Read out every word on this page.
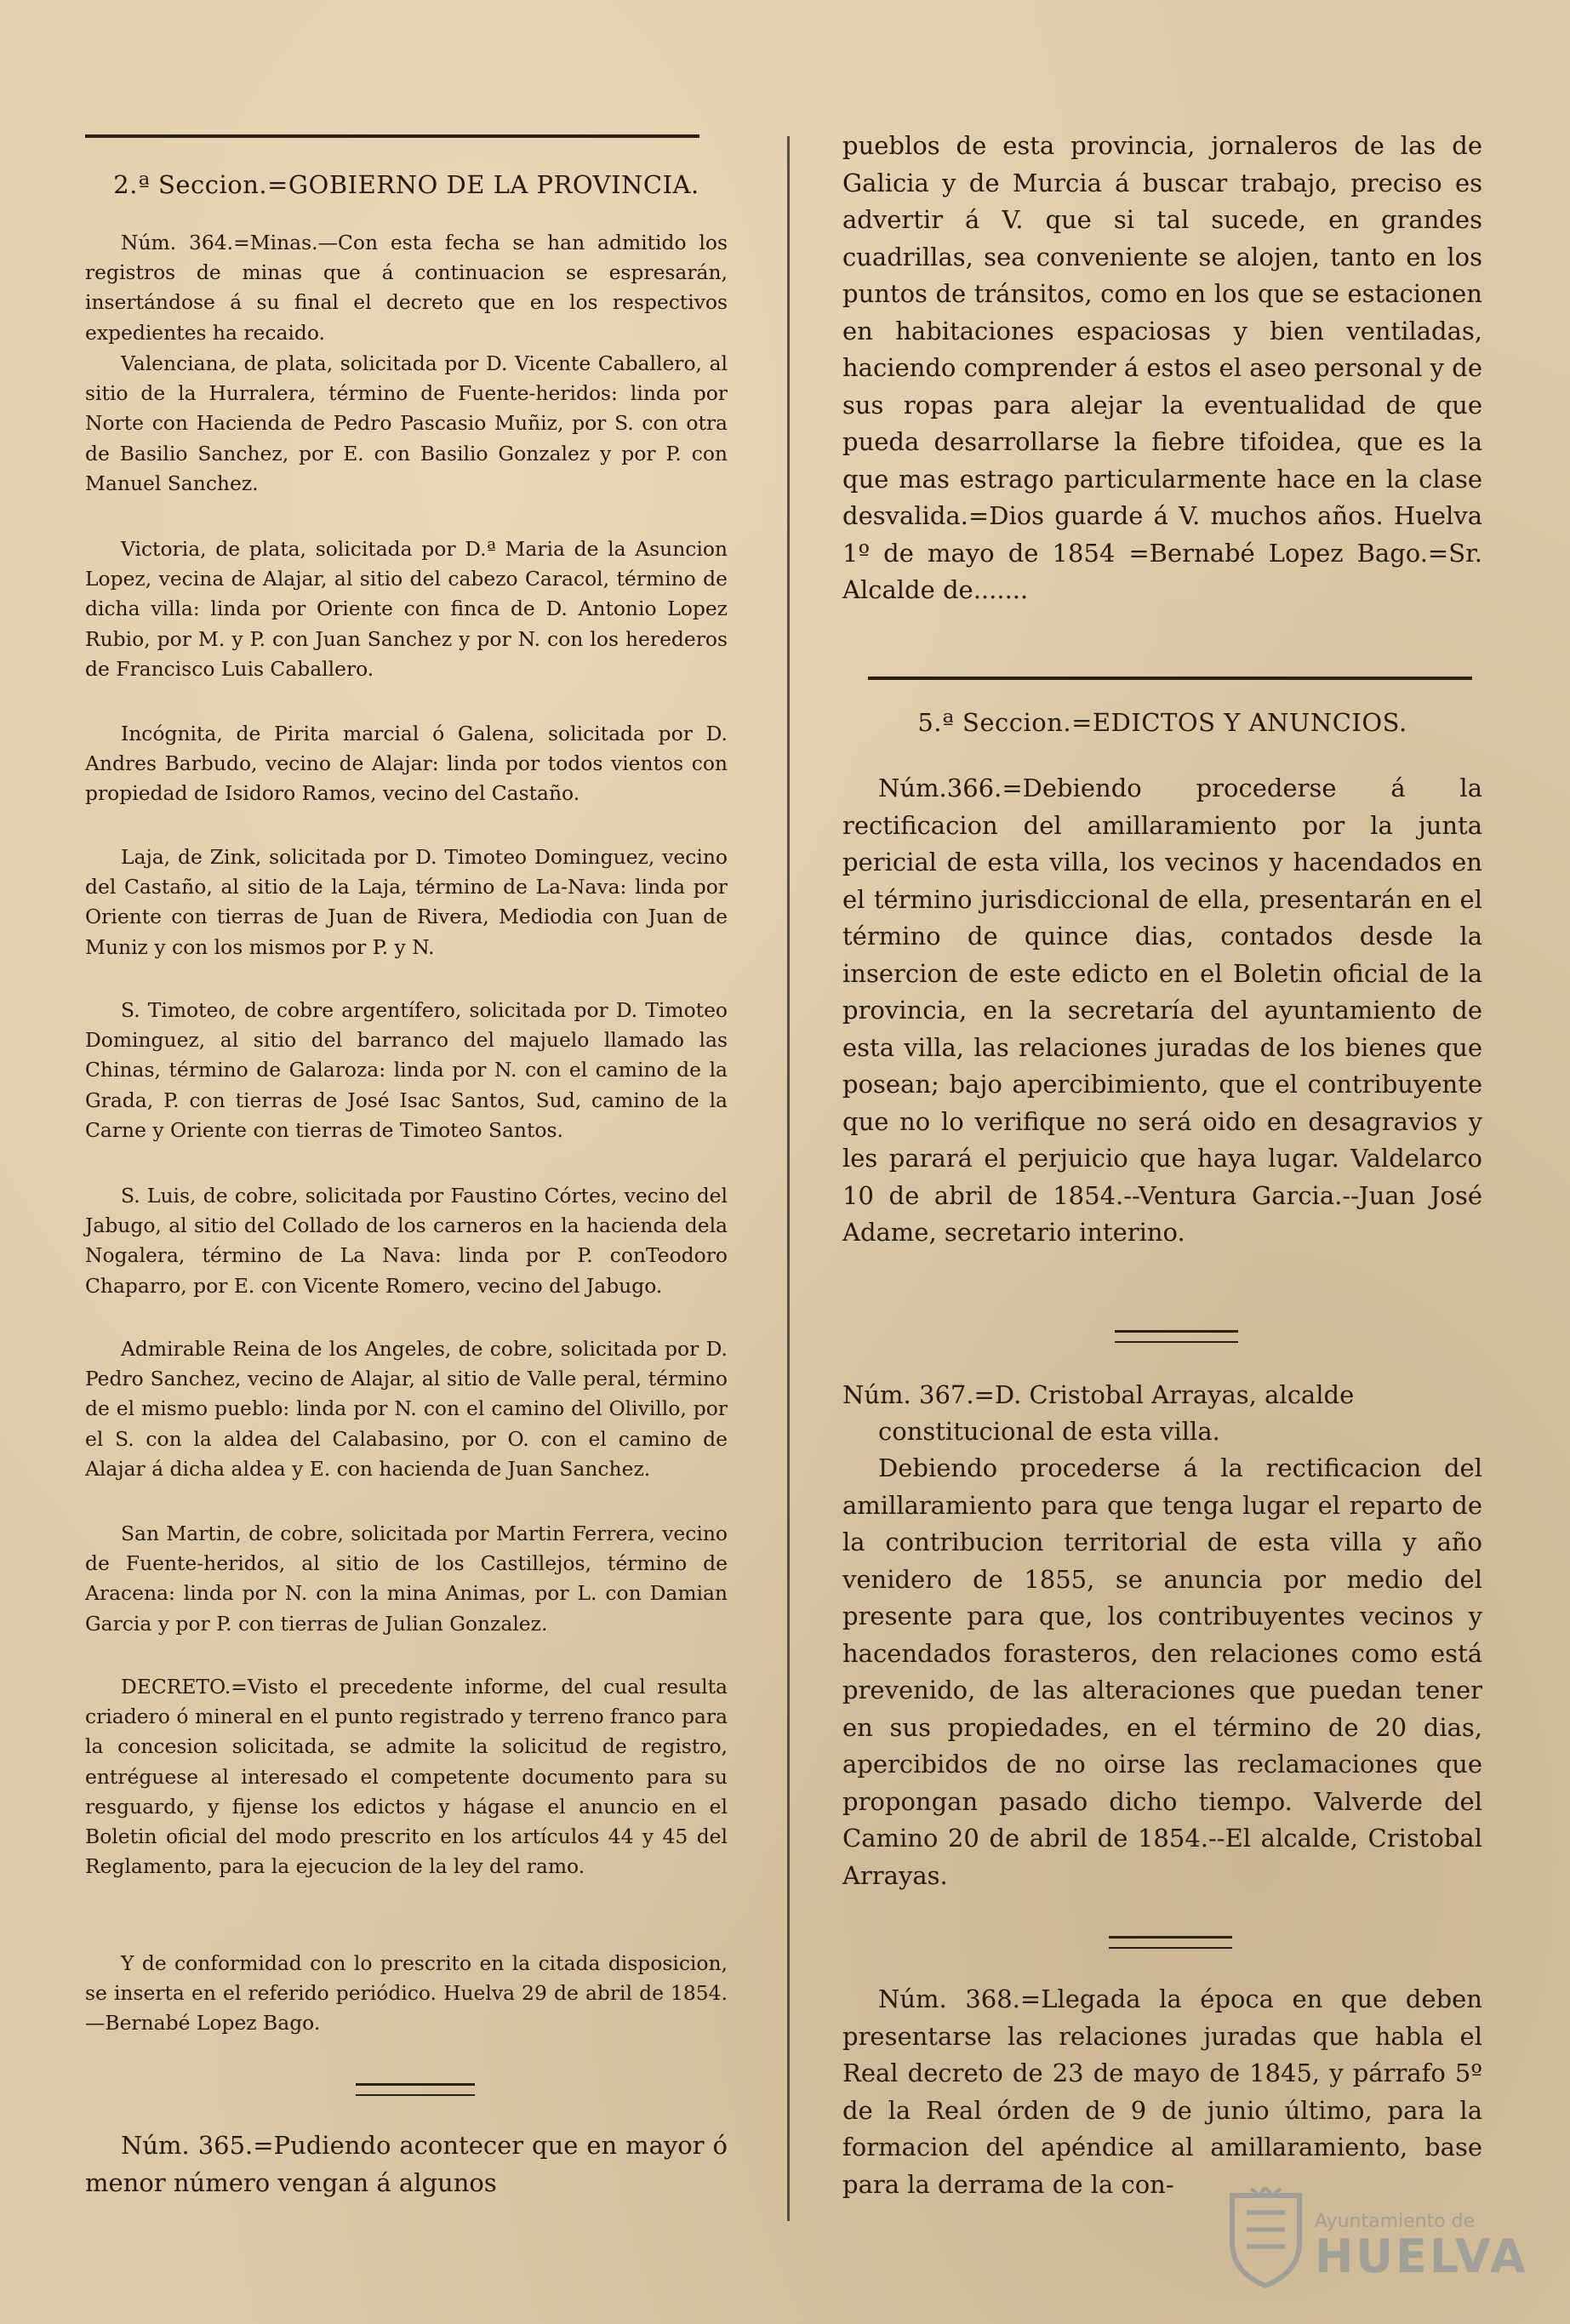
2.ª Seccion.=GOBIERNO DE LA PROVINCIA.

Núm. 364.=Minas.—Con esta fecha se han admitido los registros de minas que á continuacion se espresarán, insertándose á su final el decreto que en los respectivos expedientes ha recaido.

Valenciana, de plata, solicitada por D. Vicente Caballero, al sitio de la Hurralera, término de Fuente-heridos: linda por Norte con Hacienda de Pedro Pascasio Muñiz, por S. con otra de Basilio Sanchez, por E. con Basilio Gonzalez y por P. con Manuel Sanchez.

Victoria, de plata, solicitada por D.ª Maria de la Asuncion Lopez, vecina de Alajar, al sitio del cabezo Caracol, término de dicha villa: linda por Oriente con finca de D. Antonio Lopez Rubio, por M. y P. con Juan Sanchez y por N. con los herederos de Francisco Luis Caballero.

Incógnita, de Pirita marcial ó Galena, solicitada por D. Andres Barbudo, vecino de Alajar: linda por todos vientos con propiedad de Isidoro Ramos, vecino del Castaño.

Laja, de Zink, solicitada por D. Timoteo Dominguez, vecino del Castaño, al sitio de la Laja, término de La-Nava: linda por Oriente con tierras de Juan de Rivera, Mediodia con Juan de Muniz y con los mismos por P. y N.

S. Timoteo, de cobre argentífero, solicitada por D. Timoteo Dominguez, al sitio del barranco del majuelo llamado las Chinas, término de Galaroza: linda por N. con el camino de la Grada, P. con tierras de José Isac Santos, Sud, camino de la Carne y Oriente con tierras de Timoteo Santos.

S. Luis, de cobre, solicitada por Faustino Córtes, vecino del Jabugo, al sitio del Collado de los carneros en la hacienda dela Nogalera, término de La Nava: linda por P. conTeodoro Chaparro, por E. con Vicente Romero, vecino del Jabugo.

Admirable Reina de los Angeles, de cobre, solicitada por D. Pedro Sanchez, vecino de Alajar, al sitio de Valle peral, término de el mismo pueblo: linda por N. con el camino del Olivillo, por el S. con la aldea del Calabasino, por O. con el camino de Alajar á dicha aldea y E. con hacienda de Juan Sanchez.

San Martin, de cobre, solicitada por Martin Ferrera, vecino de Fuente-heridos, al sitio de los Castillejos, término de Aracena: linda por N. con la mina Animas, por L. con Damian Garcia y por P. con tierras de Julian Gonzalez.

DECRETO.=Visto el precedente informe, del cual resulta criadero ó mineral en el punto registrado y terreno franco para la concesion solicitada, se admite la solicitud de registro, entréguese al interesado el competente documento para su resguardo, y fijense los edictos y hágase el anuncio en el Boletin oficial del modo prescrito en los artículos 44 y 45 del Reglamento, para la ejecucion de la ley del ramo.

Y de conformidad con lo prescrito en la citada disposicion, se inserta en el referido periódico. Huelva 29 de abril de 1854.—Bernabé Lopez Bago.

Núm. 365.=Pudiendo acontecer que en mayor ó menor número vengan á algunos

pueblos de esta provincia, jornaleros de las de Galicia y de Murcia á buscar trabajo, preciso es advertir á V. que si tal sucede, en grandes cuadrillas, sea conveniente se alojen, tanto en los puntos de tránsitos, como en los que se estacionen en habitaciones espaciosas y bien ventiladas, haciendo comprender á estos el aseo personal y de sus ropas para alejar la eventualidad de que pueda desarrollarse la fiebre tifoidea, que es la que mas estrago particularmente hace en la clase desvalida.=Dios guarde á V. muchos años. Huelva 1º de mayo de 1854 =Bernabé Lopez Bago.=Sr. Alcalde de.......

5.ª Seccion.=EDICTOS Y ANUNCIOS.

Núm.366.=Debiendo procederse á la rectificacion del amillaramiento por la junta pericial de esta villa, los vecinos y hacendados en el término jurisdiccional de ella, presentarán en el término de quince dias, contados desde la insercion de este edicto en el Boletin oficial de la provincia, en la secretaría del ayuntamiento de esta villa, las relaciones juradas de los bienes que posean; bajo apercibimiento, que el contribuyente que no lo verifique no será oido en desagravios y les parará el perjuicio que haya lugar. Valdelarco 10 de abril de 1854.--Ventura Garcia.--Juan José Adame, secretario interino.

Núm. 367.=D. Cristobal Arrayas, alcalde

constitucional de esta villa.

Debiendo procederse á la rectificacion del amillaramiento para que tenga lugar el reparto de la contribucion territorial de esta villa y año venidero de 1855, se anuncia por medio del presente para que, los contribuyentes vecinos y hacendados forasteros, den relaciones como está prevenido, de las alteraciones que puedan tener en sus propiedades, en el término de 20 dias, apercibidos de no oirse las reclamaciones que propongan pasado dicho tiempo. Valverde del Camino 20 de abril de 1854.--El alcalde, Cristobal Arrayas.

Núm. 368.=Llegada la época en que deben presentarse las relaciones juradas que habla el Real decreto de 23 de mayo de 1845, y párrafo 5º de la Real órden de 9 de junio último, para la formacion del apéndice al amillaramiento, base para la derrama de la con-

Ayuntamiento de
HUELVA
